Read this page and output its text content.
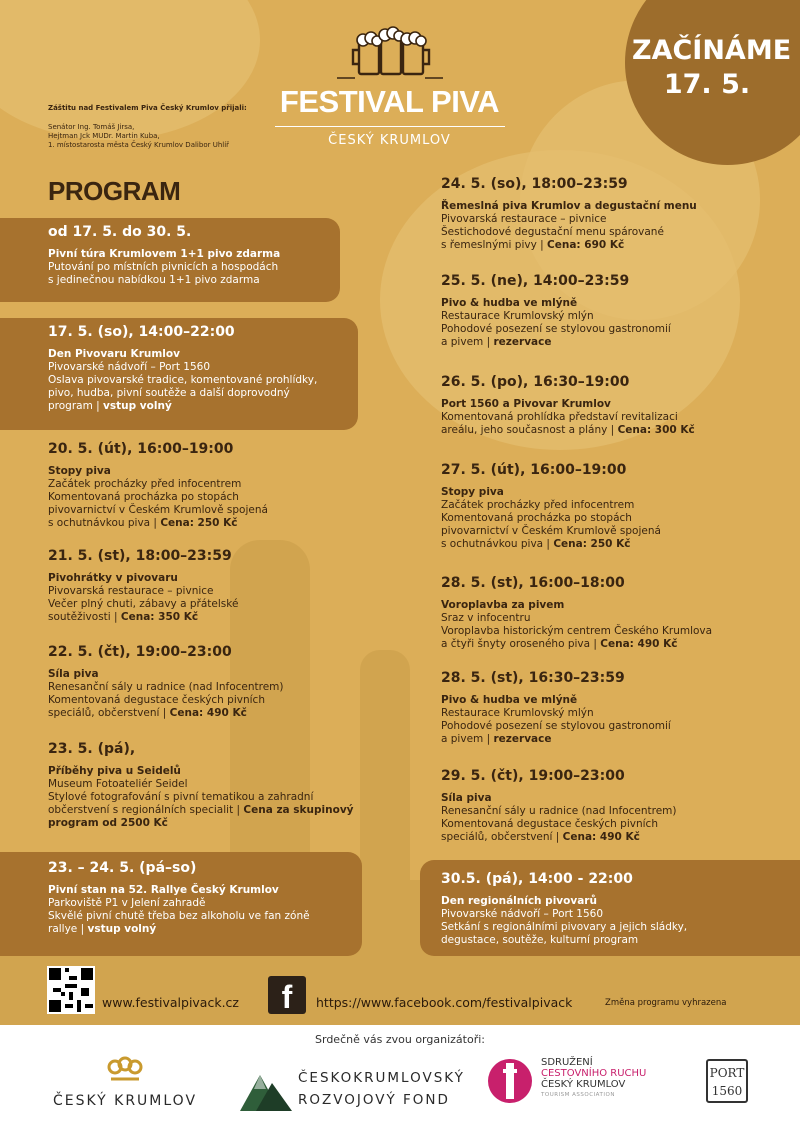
ZAČÍNÁME
17. 5.
Záštitu nad Festivalem Piva Český Krumlov přijali:
Senátor Ing. Tomáš Jirsa,
Hejtman Jck MUDr. Martin Kuba,
1. místostarosta města Český Krumlov Dalibor Uhlíř
FESTIVAL PIVA
ČESKÝ KRUMLOV
PROGRAM
od 17. 5. do 30. 5.
Pivní túra Krumlovem 1+1 pivo zdarma
Putování po místních pivnicích a hospodách
s jedinečnou nabídkou 1+1 pivo zdarma
17. 5. (so), 14:00–22:00
Den Pivovaru Krumlov
Pivovarské nádvoří – Port 1560
Oslava pivovarské tradice, komentované prohlídky,
pivo, hudba, pivní soutěže a další doprovodný
program | vstup volný
20. 5. (út), 16:00–19:00
Stopy piva
Začátek procházky před infocentrem
Komentovaná procházka po stopách
pivovarnictví v Českém Krumlově spojená
s ochutnávkou piva | Cena: 250 Kč
21. 5. (st), 18:00–23:59
Pivohrátky v pivovaru
Pivovarská restaurace – pivnice
Večer plný chuti, zábavy a přátelské
soutěživosti | Cena: 350 Kč
22. 5. (čt), 19:00–23:00
Síla piva
Renesanční sály u radnice (nad Infocentrem)
Komentovaná degustace českých pivních
speciálů, občerstvení | Cena: 490 Kč
23. 5. (pá),
Příběhy piva u Seidelů
Museum Fotoateliér Seidel
Stylové fotografování s pivní tematikou a zahradní
občerstvení s regionálních specialit | Cena za skupinový program od 2500 Kč
23. – 24. 5. (pá–so)
Pivní stan na 52. Rallye Český Krumlov
Parkoviště P1 v Jelení zahradě
Skvělé pivní chutě třeba bez alkoholu ve fan zóně
rallye | vstup volný
24. 5. (so), 18:00–23:59
Řemeslná piva Krumlov a degustační menu
Pivovarská restaurace – pivnice
Šestichodové degustační menu spárované
s řemeslnými pivy | Cena: 690 Kč
25. 5. (ne), 14:00–23:59
Pivo & hudba ve mlýně
Restaurace Krumlovský mlýn
Pohodové posezení se stylovou gastronomií
a pivem | rezervace
26. 5. (po), 16:30–19:00
Port 1560 a Pivovar Krumlov
Komentovaná prohlídka představí revitalizaci
areálu, jeho současnost a plány | Cena: 300 Kč
27. 5. (út), 16:00–19:00
Stopy piva
Začátek procházky před infocentrem
Komentovaná procházka po stopách
pivovarnictví v Českém Krumlově spojená
s ochutnávkou piva | Cena: 250 Kč
28. 5. (st), 16:00–18:00
Voroplavba za pivem
Sraz v infocentru
Voroplavba historickým centrem Českého Krumlova
a čtyři šnyty oroseného piva | Cena: 490 Kč
28. 5. (st), 16:30–23:59
Pivo & hudba ve mlýně
Restaurace Krumlovský mlýn
Pohodové posezení se stylovou gastronomií
a pivem | rezervace
29. 5. (čt), 19:00–23:00
Síla piva
Renesanční sály u radnice (nad Infocentrem)
Komentovaná degustace českých pivních
speciálů, občerstvení | Cena: 490 Kč
30.5. (pá), 14:00 - 22:00
Den regionálních pivovarů
Pivovarské nádvoří – Port 1560
Setkání s regionálními pivovary a jejich sládky,
degustace, soutěže, kulturní program
www.festivalpivack.cz	f	https://www.facebook.com/festivalpivack	Změna programu vyhrazena
Srdečně vás zvou organizátoři:
ČESKÝ KRUMLOV
ČESKOKRUMLOVSKÝ
ROZVOJOVÝ FOND
SDRUŽENÍ
CESTOVNÍHO RUCHU
ČESKÝ KRUMLOV
TOURISM ASSOCIATION
PORT
1560
